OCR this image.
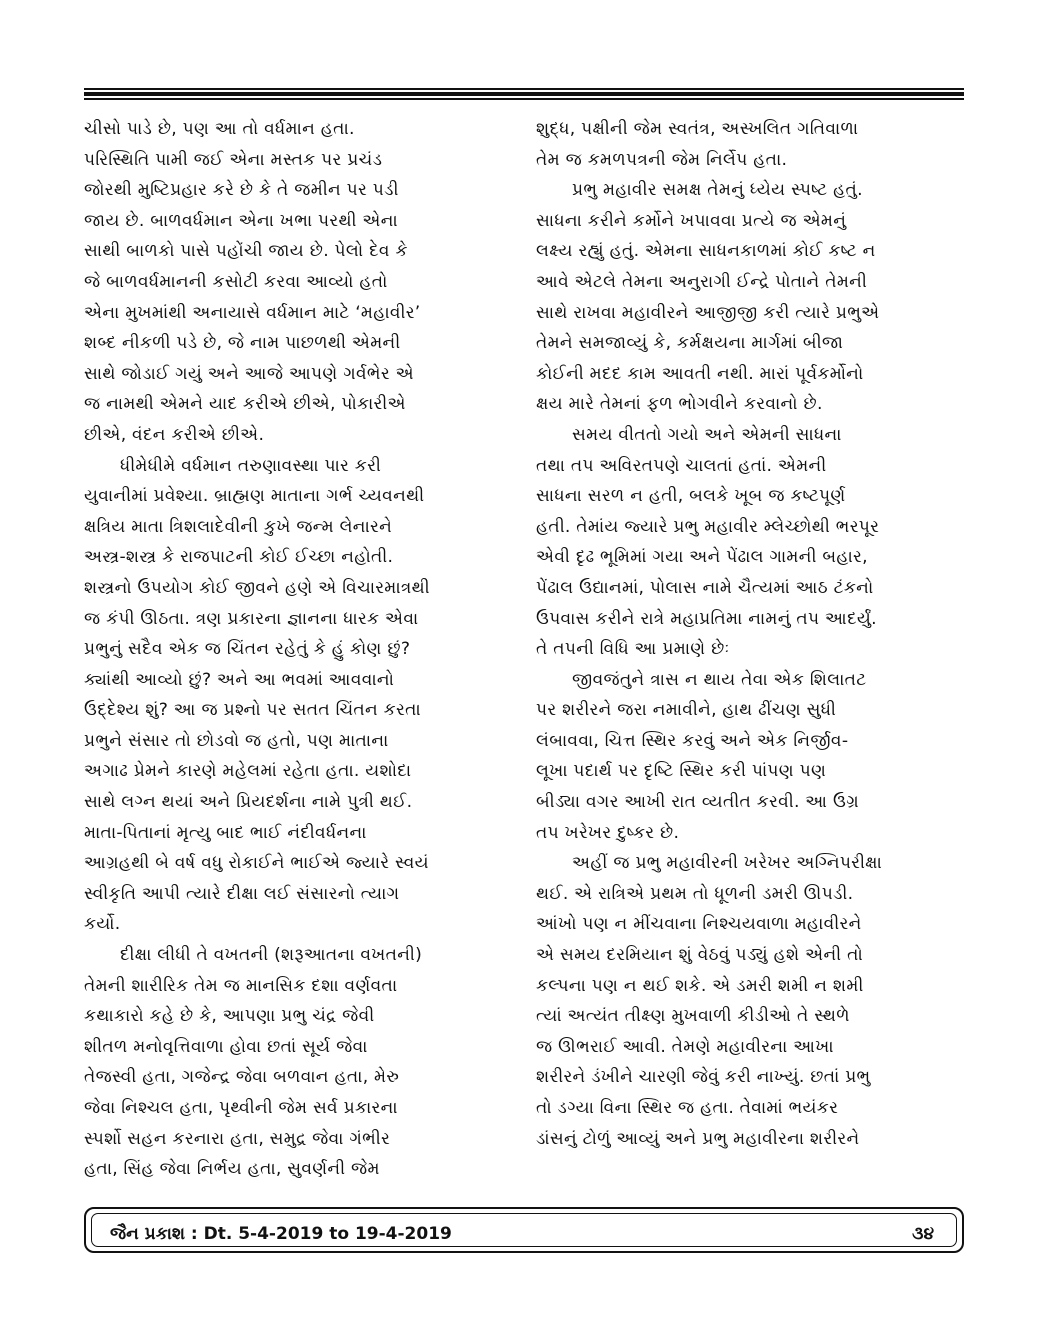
ચીસો પાડે છે, પણ આ તો વર્ધમાન હતા.
પરિસ્થિતિ પામી જઈ એના મસ્તક પર પ્રચંડ
જોરથી મુષ્ટિપ્રહાર કરે છે કે તે જમીન પર પડી
જાય છે. બાળવર્ધમાન એના ખભા પરથી એના
સાથી બાળકો પાસે પહોંચી જાય છે. પેલો દેવ કે
જે બાળવર્ધમાનની કસોટી કરવા આવ્યો હતો
એના મુખમાંથી અનાયાસે વર્ધમાન માટે ‘મહાવીર’
શબ્દ નીકળી પડે છે, જે નામ પાછળથી એમની
સાથે જોડાઈ ગયું અને આજે આપણે ગર્વભેર એ
જ નામથી એમને યાદ કરીએ છીએ, પોકારીએ
છીએ, વંદન કરીએ છીએ.
ધીમેધીમે વર્ધમાન તરુણાવસ્થા પાર કરી
યુવાનીમાં પ્રવેશ્યા. બ્રાહ્મણ માતાના ગર્ભ ચ્યવનથી
ક્ષત્રિય માતા ત્રિશલાદેવીની કુખે જન્મ લેનારને
અસ્ત્ર-શસ્ત્ર કે રાજપાટની કોઈ ઈચ્છા નહોતી.
શસ્ત્રનો ઉપયોગ કોઈ જીવને હણે એ વિચારમાત્રથી
જ કંપી ઊઠતા. ત્રણ પ્રકારના જ્ઞાનના ધારક એવા
પ્રભુનું સદૈવ એક જ ચિંતન રહેતું કે હું કોણ છું?
ક્યાંથી આવ્યો છું? અને આ ભવમાં આવવાનો
ઉદ્દેશ્ય શું? આ જ પ્રશ્નો પર સતત ચિંતન કરતા
પ્રભુને સંસાર તો છોડવો જ હતો, પણ માતાના
અગાઢ પ્રેમને કારણે મહેલમાં રહેતા હતા. યશોદા
સાથે લગ્ન થયાં અને પ્રિયદર્શના નામે પુત્રી થઈ.
માતા-પિતાનાં મૃત્યુ બાદ ભાઈ નંદીવર્ધનના
આગ્રહથી બે વર્ષ વધુ રોકાઈને ભાઈએ જ્યારે સ્વયં
સ્વીકૃતિ આપી ત્યારે દીક્ષા લઈ સંસારનો ત્યાગ
કર્યો.
દીક્ષા લીધી તે વખતની (શરૂઆતના વખતની)
તેમની શારીરિક તેમ જ માનસિક દશા વર્ણવતા
કથાકારો કહે છે કે, આપણા પ્રભુ ચંદ્ર જેવી
શીતળ મનોવૃત્તિવાળા હોવા છતાં સૂર્ય જેવા
તેજસ્વી હતા, ગજેન્દ્ર જેવા બળવાન હતા, મેરુ
જેવા નિશ્ચલ હતા, પૃથ્વીની જેમ સર્વ પ્રકારના
સ્પર્શો સહન કરનારા હતા, સમુદ્ર જેવા ગંભીર
હતા, સિંહ જેવા નિર્ભય હતા, સુવર્ણની જેમ
શુદ્ધ, પક્ષીની જેમ સ્વતંત્ર, અસ્ખલિત ગતિવાળા
તેમ જ કમળપત્રની જેમ નિર્લેપ હતા.
પ્રભુ મહાવીર સમક્ષ તેમનું ધ્યેય સ્પષ્ટ હતું.
સાધના કરીને કર્મોને ખપાવવા પ્રત્યે જ એમનું
લક્ષ્ય રહ્યું હતું. એમના સાધનકાળમાં કોઈ કષ્ટ ન
આવે એટલે તેમના અનુરાગી ઈન્દ્રે પોતાને તેમની
સાથે રાખવા મહાવીરને આજીજી કરી ત્યારે પ્રભુએ
તેમને સમજાવ્યું કે, કર્મક્ષયના માર્ગમાં બીજા
કોઈની મદદ કામ આવતી નથી. મારાં પૂર્વકર્મોનો
ક્ષય મારે તેમનાં ફળ ભોગવીને કરવાનો છે.
સમય વીતતો ગયો અને એમની સાધના
તથા તપ અવિરતપણે ચાલતાં હતાં. એમની
સાધના સરળ ન હતી, બલકે ખૂબ જ કષ્ટપૂર્ણ
હતી. તેમાંય જ્યારે પ્રભુ મહાવીર મ્લેચ્છોથી ભરપૂર
એવી દૃઢ ભૂમિમાં ગયા અને પેંઢાલ ગામની બહાર,
પેંઢાલ ઉદ્યાનમાં, પોલાસ નામે ચૈત્યમાં આઠ ટંકનો
ઉપવાસ કરીને રાત્રે મહાપ્રતિમા નામનું તપ આદર્યું.
તે તપની વિધિ આ પ્રમાણે છેઃ
જીવજંતુને ત્રાસ ન થાય તેવા એક શિલાતટ
પર શરીરને જરા નમાવીને, હાથ ઢીંચણ સુધી
લંબાવવા, ચિત્ત સ્થિર કરવું અને એક નિર્જીવ-
લૂખા પદાર્થ પર દૃષ્ટિ સ્થિર કરી પાંપણ પણ
બીડ્યા વગર આખી રાત વ્યતીત કરવી. આ ઉગ્ર
તપ ખરેખર દુષ્કર છે.
અહીં જ પ્રભુ મહાવીરની ખરેખર અગ્નિપરીક્ષા
થઈ. એ રાત્રિએ પ્રથમ તો ધૂળની ડમરી ઊપડી.
આંખો પણ ન મીંચવાના નિશ્ચયવાળા મહાવીરને
એ સમય દરમિયાન શું વેઠવું પડ્યું હશે એની તો
કલ્પના પણ ન થઈ શકે. એ ડમરી શમી ન શમી
ત્યાં અત્યંત તીક્ષ્ણ મુખવાળી કીડીઓ તે સ્થળે
જ ઊભરાઈ આવી. તેમણે મહાવીરના આખા
શરીરને ડંખીને ચારણી જેવું કરી નાખ્યું. છતાં પ્રભુ
તો ડગ્યા વિના સ્થિર જ હતા. તેવામાં ભયંકર
ડાંસનું ટોળું આવ્યું અને પ્રભુ મહાવીરના શરીરને
જૈન પ્રકાશ : Dt. 5-4-2019 to 19-4-2019	૩૪
